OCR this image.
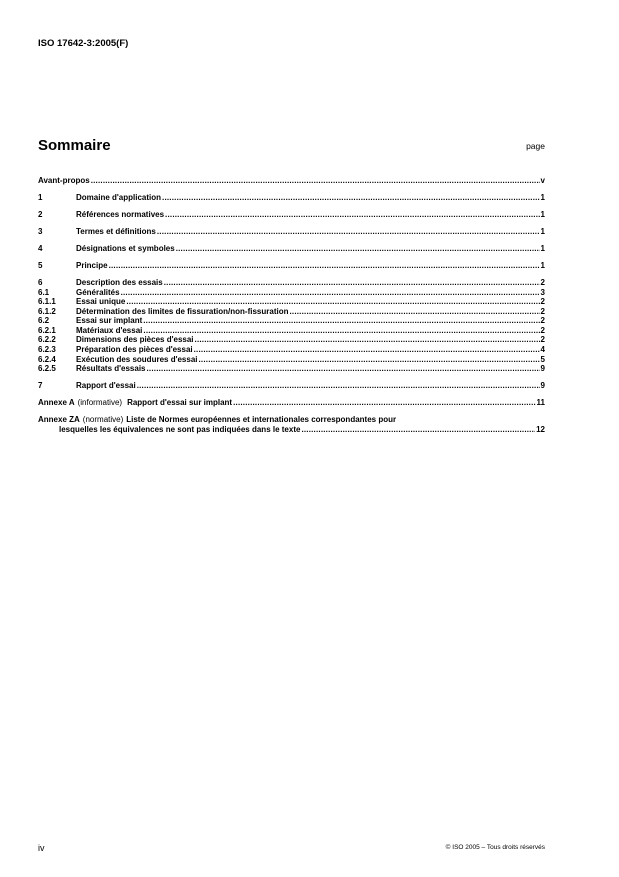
ISO 17642-3:2005(F)
Sommaire	page
Avant-propos .....	v
1	Domaine d'application .....	1
2	Références normatives .....	1
3	Termes et définitions .....	1
4	Désignations et symboles .....	1
5	Principe .....	1
6	Description des essais .....	2
6.1	Généralités .....	3
6.1.1	Essai unique .....	2
6.1.2	Détermination des limites de fissuration/non-fissuration .....	2
6.2	Essai sur implant .....	2
6.2.1	Matériaux d'essai .....	2
6.2.2	Dimensions des pièces d'essai .....	2
6.2.3	Préparation des pièces d'essai .....	4
6.2.4	Exécution des soudures d'essai .....	5
6.2.5	Résultats d'essais .....	9
7	Rapport d'essai .....	9
Annexe A (informative) Rapport d'essai sur implant .....	11
Annexe ZA (normative) Liste de Normes européennes et internationales correspondantes pour
lesquelles les équivalences ne sont pas indiquées dans le texte .....	12
iv	© ISO 2005 – Tous droits réservés
